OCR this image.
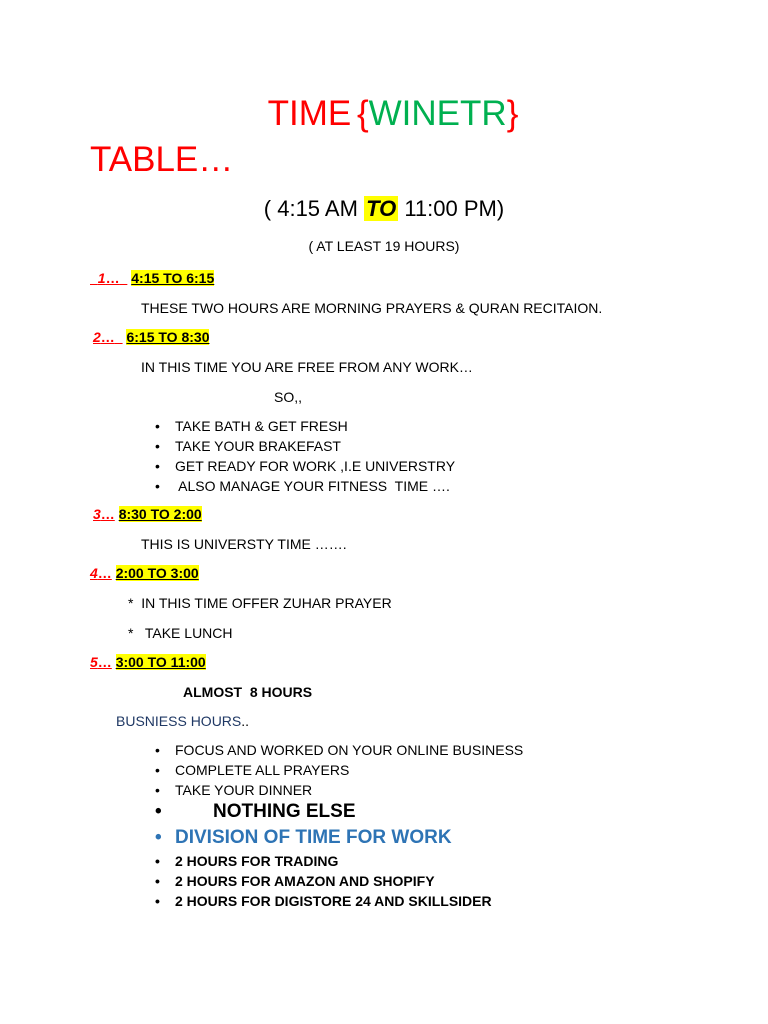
TIME {WINETR}
TABLE…
( 4:15 AM TO 11:00 PM)
( AT LEAST 19 HOURS)
1… 4:15 TO 6:15
THESE TWO HOURS ARE MORNING PRAYERS & QURAN RECITAION.
2… 6:15 TO 8:30
IN THIS TIME YOU ARE FREE FROM ANY WORK…
SO,,
• TAKE BATH & GET FRESH
• TAKE YOUR BRAKEFAST
• GET READY FOR WORK ,I.E UNIVERSTRY
• ALSO MANAGE YOUR FITNESS  TIME ….
3… 8:30 TO 2:00
THIS IS UNIVERSTY TIME …….
4… 2:00 TO 3:00
*  IN THIS TIME OFFER ZUHAR PRAYER
*   TAKE LUNCH
5… 3:00 TO 11:00
ALMOST  8 HOURS
BUSNIESS HOURS..
• FOCUS AND WORKED ON YOUR ONLINE BUSINESS
• COMPLETE ALL PRAYERS
• TAKE YOUR DINNER
•	NOTHING ELSE
• DIVISION OF TIME FOR WORK
• 2 HOURS FOR TRADING
• 2 HOURS FOR AMAZON AND SHOPIFY
• 2 HOURS FOR DIGISTORE 24 AND SKILLSIDER
